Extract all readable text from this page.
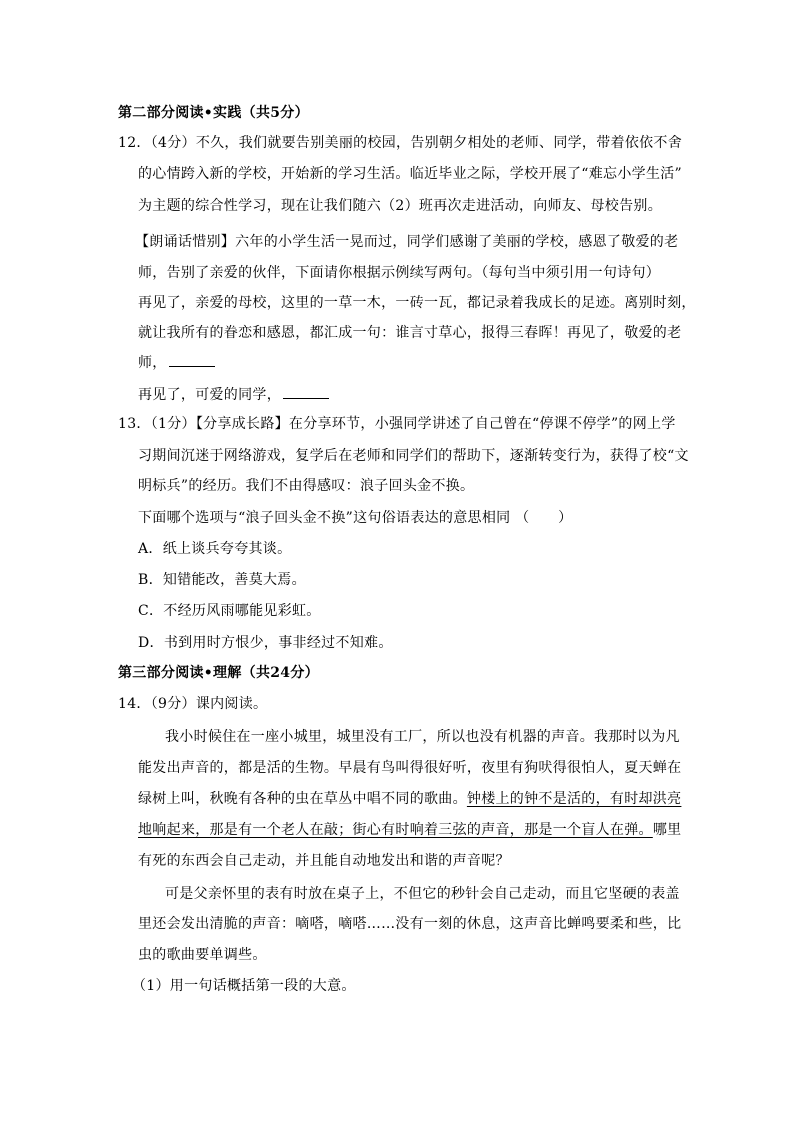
第二部分阅读•实践（共5分）
12．（4分）不久，我们就要告别美丽的校园，告别朝夕相处的老师、同学，带着依依不舍
的心情跨入新的学校，开始新的学习生活。临近毕业之际，学校开展了“难忘小学生活”
为主题的综合性学习，现在让我们随六（2）班再次走进活动，向师友、母校告别。
【朗诵话惜别】六年的小学生活一晃而过，同学们感谢了美丽的学校，感恩了敬爱的老
师，告别了亲爱的伙伴，下面请你根据示例续写两句。（每句当中须引用一句诗句）
再见了，亲爱的母校，这里的一草一木，一砖一瓦，都记录着我成长的足迹。离别时刻，
就让我所有的眷恋和感恩，都汇成一句：谁言寸草心，报得三春晖！再见了，敬爱的老
师，
再见了，可爱的同学，
13．（1分）【分享成长路】在分享环节，小强同学讲述了自己曾在“停课不停学”的网上学
习期间沉迷于网络游戏，复学后在老师和同学们的帮助下，逐渐转变行为，获得了校“文
明标兵”的经历。我们不由得感叹：浪子回头金不换。
下面哪个选项与“浪子回头金不换”这句俗语表达的意思相同 （　　）
A．纸上谈兵夸夸其谈。
B．知错能改，善莫大焉。
C．不经历风雨哪能见彩虹。
D．书到用时方恨少，事非经过不知难。
第三部分阅读•理解（共24分）
14．（9分）课内阅读。
我小时候住在一座小城里，城里没有工厂，所以也没有机器的声音。我那时以为凡
能发出声音的，都是活的生物。早晨有鸟叫得很好听，夜里有狗吠得很怕人，夏天蝉在
绿树上叫，秋晚有各种的虫在草丛中唱不同的歌曲。钟楼上的钟不是活的，有时却洪亮
地响起来，那是有一个老人在敲；街心有时响着三弦的声音，那是一个盲人在弹。哪里
有死的东西会自己走动，并且能自动地发出和谐的声音呢？
可是父亲怀里的表有时放在桌子上，不但它的秒针会自己走动，而且它坚硬的表盖
里还会发出清脆的声音：嘀嗒，嘀嗒……没有一刻的休息，这声音比蝉鸣要柔和些，比
虫的歌曲要单调些。
（1）用一句话概括第一段的大意。
